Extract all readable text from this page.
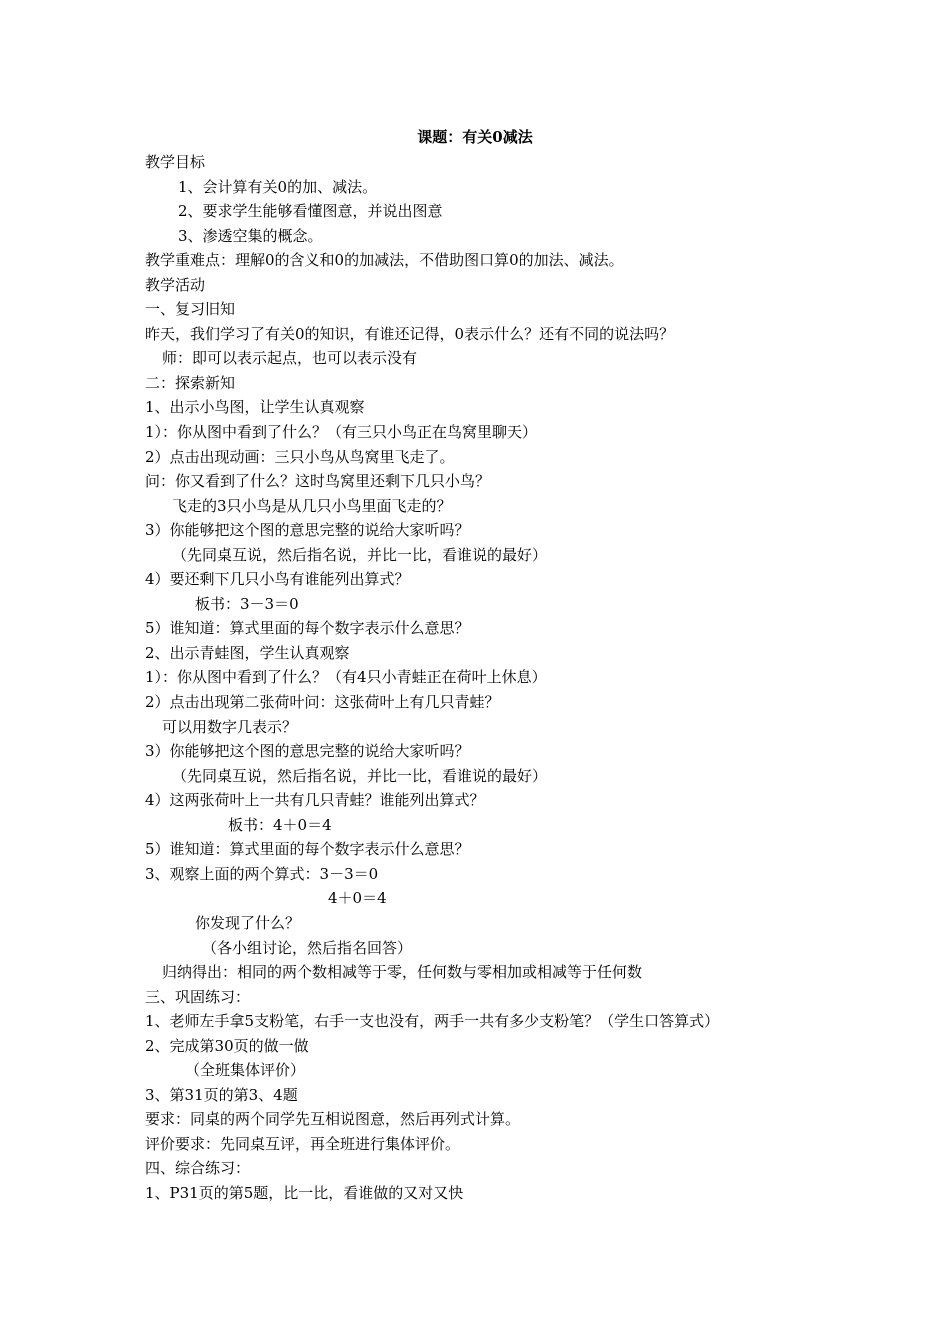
课题：有关0减法
教学目标
1、会计算有关0的加、减法。
2、要求学生能够看懂图意，并说出图意
3、渗透空集的概念。
教学重难点：理解0的含义和0的加减法，不借助图口算0的加法、减法。
教学活动
一、复习旧知
昨天，我们学习了有关0的知识，有谁还记得，0表示什么？还有不同的说法吗？
师：即可以表示起点，也可以表示没有
二：探索新知
1、出示小鸟图，让学生认真观察
1）：你从图中看到了什么？（有三只小鸟正在鸟窝里聊天）
2）点击出现动画：三只小鸟从鸟窝里飞走了。
问：你又看到了什么？这时鸟窝里还剩下几只小鸟？
飞走的3只小鸟是从几只小鸟里面飞走的？
3）你能够把这个图的意思完整的说给大家听吗？
（先同桌互说，然后指名说，并比一比，看谁说的最好）
4）要还剩下几只小鸟有谁能列出算式？
板书：3－3＝0
5）谁知道：算式里面的每个数字表示什么意思？
2、出示青蛙图，学生认真观察
1）：你从图中看到了什么？（有4只小青蛙正在荷叶上休息）
2）点击出现第二张荷叶问：这张荷叶上有几只青蛙？
可以用数字几表示？
3）你能够把这个图的意思完整的说给大家听吗？
（先同桌互说，然后指名说，并比一比，看谁说的最好）
4）这两张荷叶上一共有几只青蛙？谁能列出算式？
板书：4＋0＝4
5）谁知道：算式里面的每个数字表示什么意思？
3、观察上面的两个算式：3－3＝0
4＋0＝4
你发现了什么？
（各小组讨论，然后指名回答）
归纳得出：相同的两个数相减等于零，任何数与零相加或相减等于任何数
三、巩固练习：
1、老师左手拿5支粉笔，右手一支也没有，两手一共有多少支粉笔？（学生口答算式）
2、完成第30页的做一做
（全班集体评价）
3、第31页的第3、4题
要求：同桌的两个同学先互相说图意，然后再列式计算。
评价要求：先同桌互评，再全班进行集体评价。
四、综合练习：
1、P31页的第5题，比一比，看谁做的又对又快
